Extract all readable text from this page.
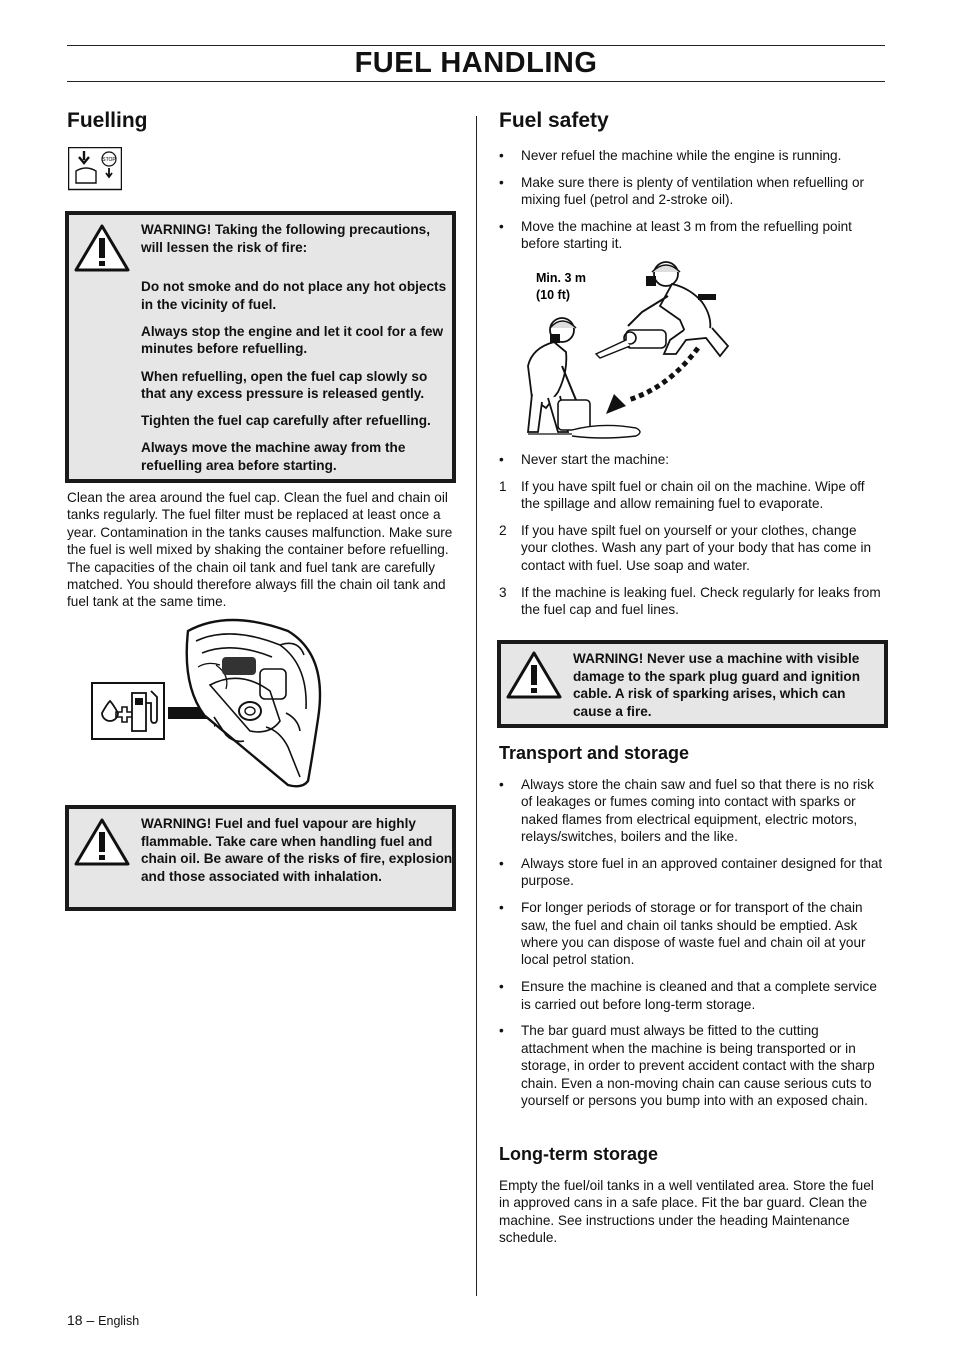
FUEL HANDLING
Fuelling
STOP

WARNING! Taking the following precautions, will lessen the risk of fire:

Do not smoke and do not place any hot objects in the vicinity of fuel.

Always stop the engine and let it cool for a few minutes before refuelling.

When refuelling, open the fuel cap slowly so that any excess pressure is released gently.

Tighten the fuel cap carefully after refuelling.

Always move the machine away from the refuelling area before starting.

Clean the area around the fuel cap. Clean the fuel and chain oil tanks regularly. The fuel filter must be replaced at least once a year. Contamination in the tanks causes malfunction. Make sure the fuel is well mixed by shaking the container before refuelling. The capacities of the chain oil tank and fuel tank are carefully matched. You should therefore always fill the chain oil tank and fuel tank at the same time.

WARNING! Fuel and fuel vapour are highly flammable. Take care when handling fuel and chain oil. Be aware of the risks of fire, explosion and those associated with inhalation.

Fuel safety
•	Never refuel the machine while the engine is running.
•	Make sure there is plenty of ventilation when refuelling or mixing fuel (petrol and 2-stroke oil).
•	Move the machine at least 3 m from the refuelling point before starting it.
Min. 3 m
(10 ft)
•	Never start the machine:
1	If you have spilt fuel or chain oil on the machine. Wipe off the spillage and allow remaining fuel to evaporate.
2	If you have spilt fuel on yourself or your clothes, change your clothes. Wash any part of your body that has come in contact with fuel. Use soap and water.
3	If the machine is leaking fuel. Check regularly for leaks from the fuel cap and fuel lines.

WARNING! Never use a machine with visible damage to the spark plug guard and ignition cable. A risk of sparking arises, which can cause a fire.

Transport and storage
•	Always store the chain saw and fuel so that there is no risk of leakages or fumes coming into contact with sparks or naked flames from electrical equipment, electric motors, relays/switches, boilers and the like.
•	Always store fuel in an approved container designed for that purpose.
•	For longer periods of storage or for transport of the chain saw, the fuel and chain oil tanks should be emptied. Ask where you can dispose of waste fuel and chain oil at your local petrol station.
•	Ensure the machine is cleaned and that a complete service is carried out before long-term storage.
•	The bar guard must always be fitted to the cutting attachment when the machine is being transported or in storage, in order to prevent accident contact with the sharp chain. Even a non-moving chain can cause serious cuts to yourself or persons you bump into with an exposed chain.
Long-term storage

Empty the fuel/oil tanks in a well ventilated area. Store the fuel in approved cans in a safe place. Fit the bar guard. Clean the machine. See instructions under the heading Maintenance schedule.

18 – English
